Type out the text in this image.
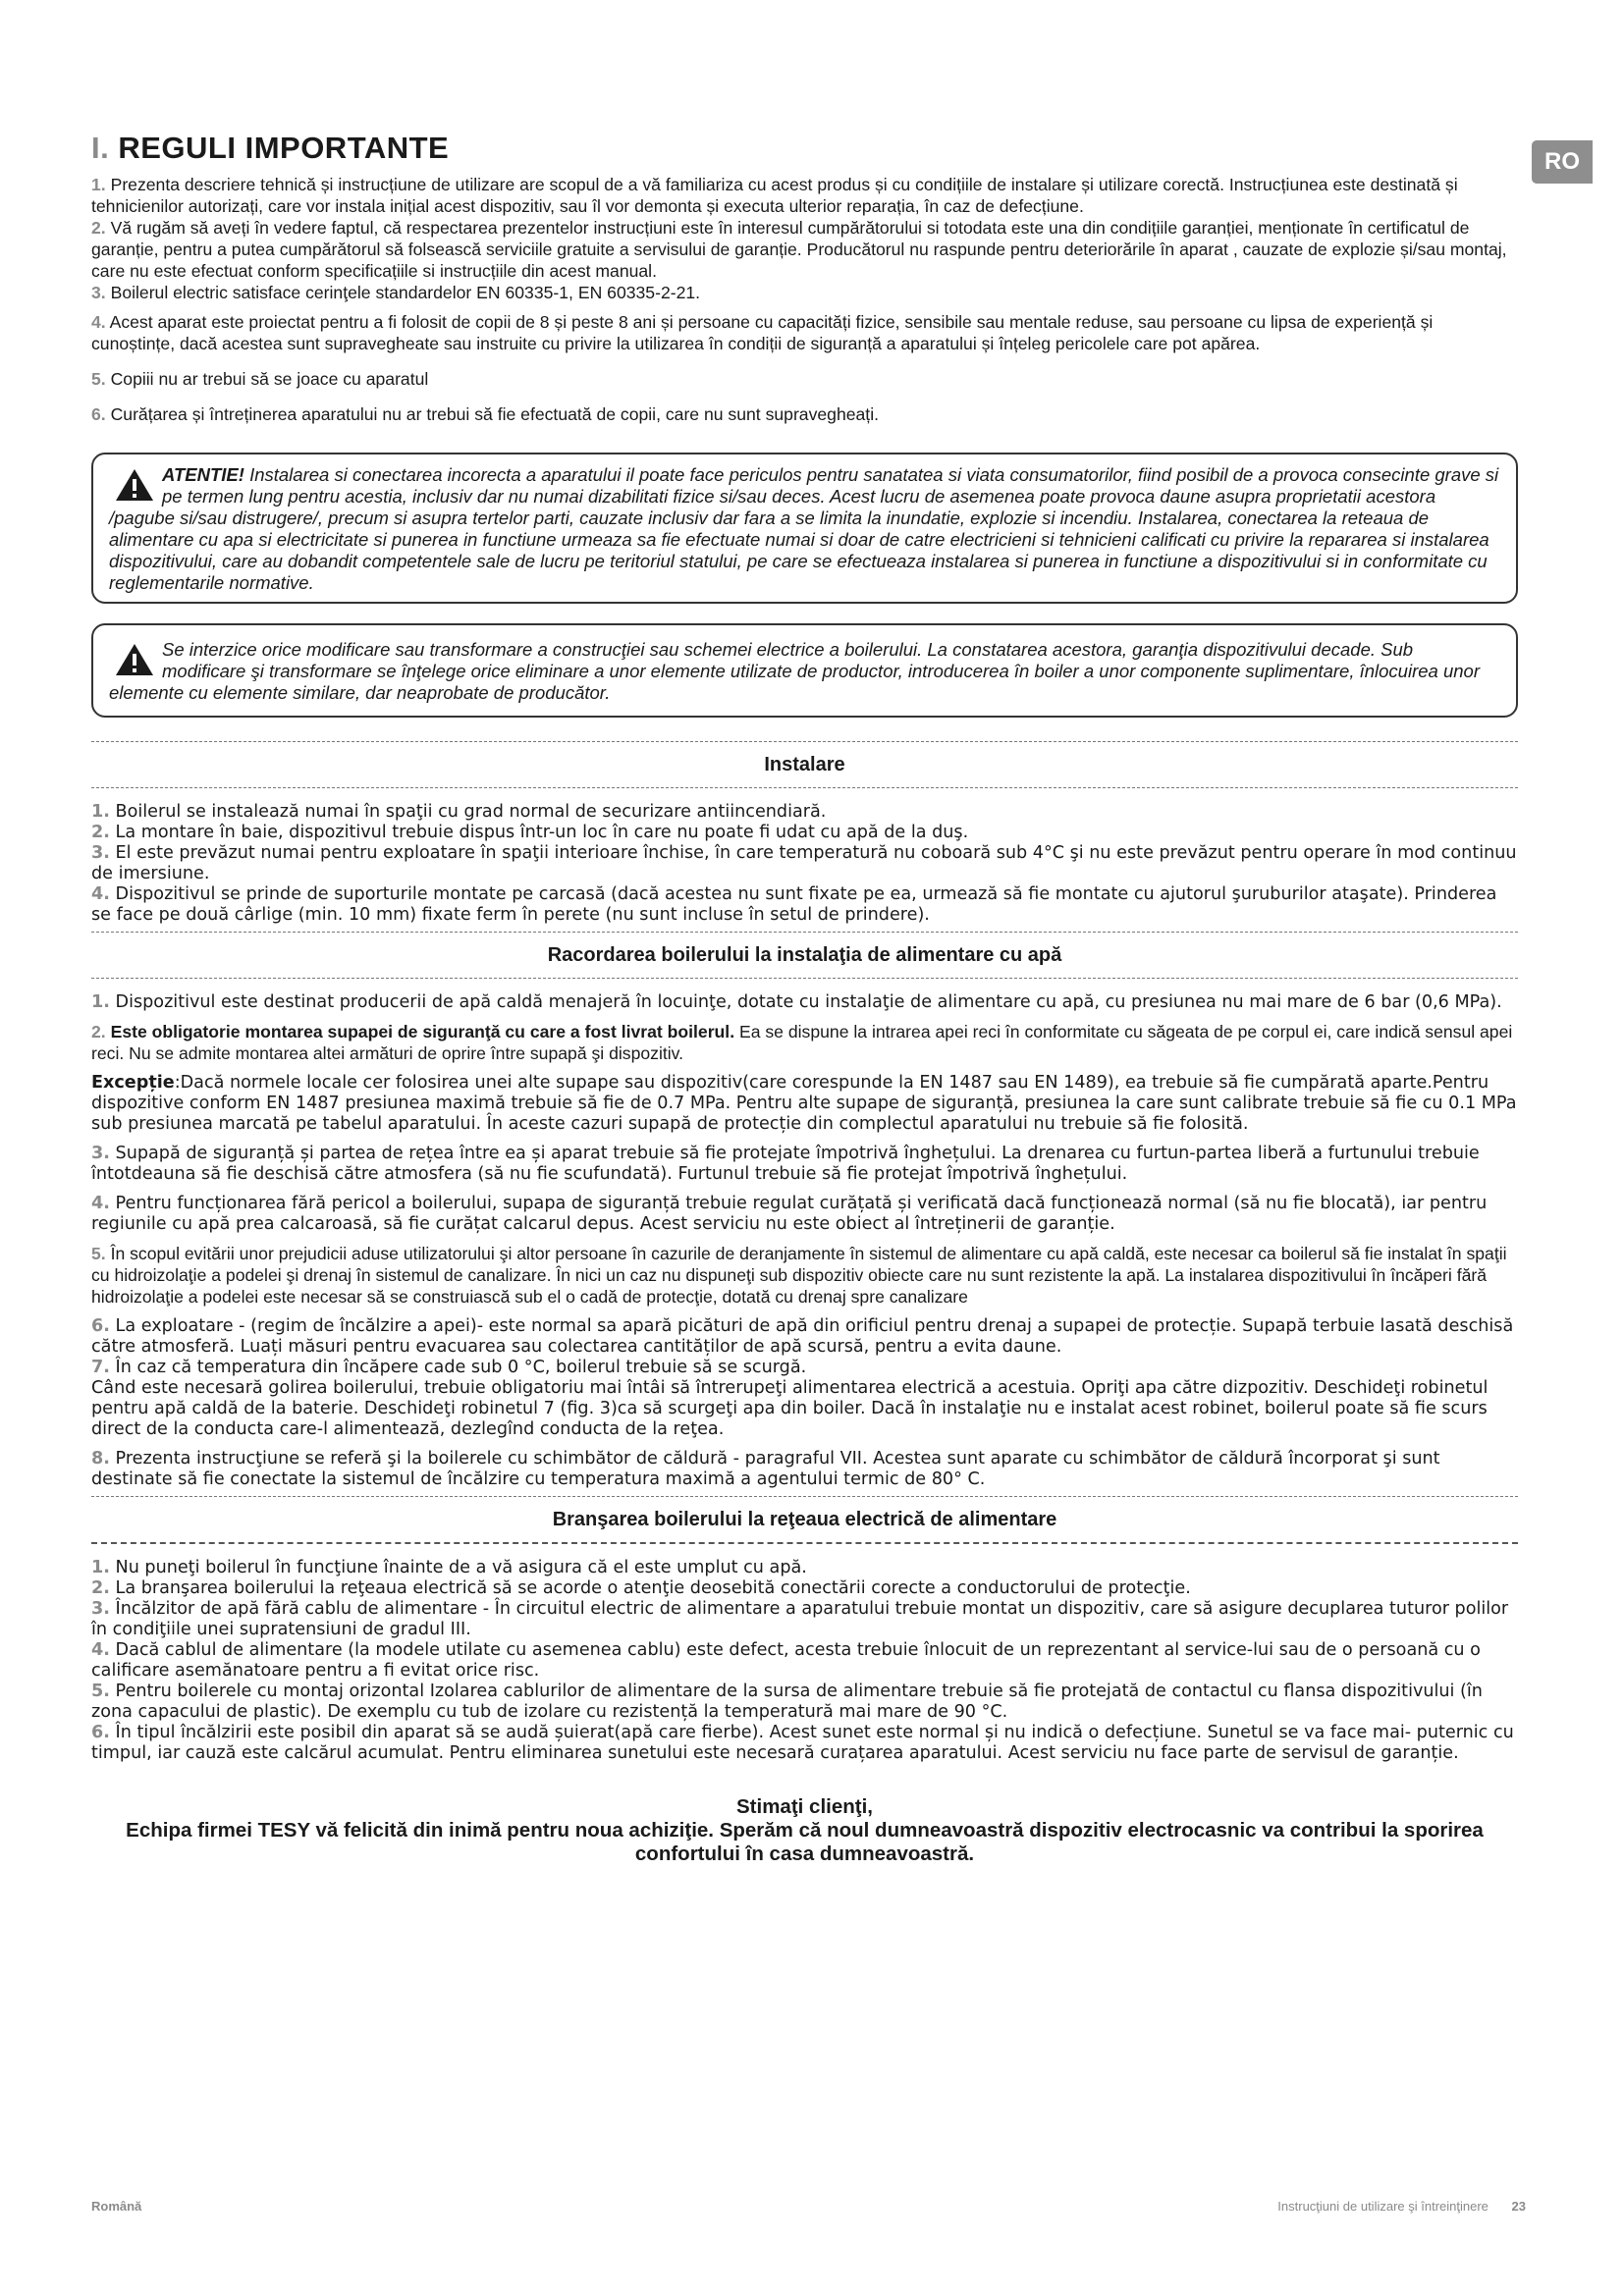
RO
I. REGULI IMPORTANTE

1. Prezenta descriere tehnică și instrucțiune de utilizare are scopul de a vă familiariza cu acest produs și cu condițiile de instalare și utilizare corectă. Instrucțiunea este destinată și tehnicienilor autorizați, care vor instala inițial acest dispozitiv, sau îl vor demonta și executa ulterior reparația, în caz de defecțiune.

2. Vă rugăm să aveți în vedere faptul, că respectarea prezentelor instrucțiuni este în interesul cumpărătorului si totodata este una din condițiile garanției, menționate în certificatul de garanție, pentru a putea cumpărătorul să folsească serviciile gratuite a servisului de garanție. Producătorul nu raspunde pentru deteriorările în aparat , cauzate de explozie și/sau montaj, care nu este efectuat conform specificațiile si instrucțiile din acest manual.

3. Boilerul electric satisface cerinţele standardelor EN 60335-1, EN 60335-2-21.

4. Acest aparat este proiectat pentru a fi folosit de copii de 8 și peste 8 ani și persoane cu capacități fizice, sensibile sau mentale reduse, sau persoane cu lipsa de experiență și cunoștințe, dacă acestea sunt supravegheate sau instruite cu privire la utilizarea în condiții de siguranță a aparatului și înțeleg pericolele care pot apărea.

5. Copiii nu ar trebui să se joace cu aparatul

6. Curățarea și întreținerea aparatului nu ar trebui să fie efectuată de copii, care nu sunt supravegheați.

ATENTIE! Instalarea si conectarea incorecta a aparatului il poate face periculos pentru sanatatea si viata consumatorilor, fiind posibil de a provoca consecinte grave si pe termen lung pentru acestia, inclusiv dar nu numai dizabilitati fizice si/sau deces. Acest lucru de asemenea poate provoca daune asupra proprietatii acestora /pagube si/sau distrugere/, precum si asupra tertelor parti, cauzate inclusiv dar fara a se limita la inundatie, explozie si incendiu. Instalarea, conectarea la reteaua de alimentare cu apa si electricitate si punerea in functiune urmeaza sa fie efectuate numai si doar de catre electricieni si tehnicieni calificati cu privire la repararea si instalarea dispozitivului, care au dobandit competentele sale de lucru pe teritoriul statului, pe care se efectueaza instalarea si punerea in functiune a dispozitivului si in conformitate cu reglementarile normative.
Se interzice orice modificare sau transformare a construcţiei sau schemei electrice a boilerului. La constatarea acestora, garanţia dispozitivului decade. Sub modificare şi transformare se înţelege orice eliminare a unor elemente utilizate de productor, introducerea în boiler a unor componente suplimentare, înlocuirea unor elemente cu elemente similare, dar neaprobate de producător.
Instalare

1. Boilerul se instalează numai în spaţii cu grad normal de securizare antiincendiară.

2. La montare în baie, dispozitivul trebuie dispus într-un loc în care nu poate fi udat cu apă de la duş.

3. El este prevăzut numai pentru exploatare în spaţii interioare închise, în care temperatură nu coboară sub 4°C şi nu este prevăzut pentru operare în mod continuu de imersiune.

4. Dispozitivul se prinde de suporturile montate pe carcasă (dacă acestea nu sunt fixate pe ea, urmează să fie montate cu ajutorul şuruburilor ataşate). Prinderea se face pe două cârlige (min. 10 mm) fixate ferm în perete (nu sunt incluse în setul de prindere).

Racordarea boilerului la instalaţia de alimentare cu apă

1. Dispozitivul este destinat producerii de apă caldă menajeră în locuinţe, dotate cu instalaţie de alimentare cu apă, cu presiunea nu mai mare de 6 bar (0,6 MPa).

2. Este obligatorie montarea supapei de siguranţă cu care a fost livrat boilerul. Ea se dispune la intrarea apei reci în conformitate cu săgeata de pe corpul ei, care indică sensul apei reci. Nu se admite montarea altei armături de oprire între supapă şi dispozitiv.

Excepție:Dacă normele locale cer folosirea unei alte supape sau dispozitiv(care corespunde la EN 1487 sau EN 1489), ea trebuie să fie cumpărată aparte.Pentru dispozitive conform EN 1487 presiunea maximă trebuie să fie de 0.7 MPa. Pentru alte supape de siguranță, presiunea la care sunt calibrate trebuie să fie cu 0.1 MPa sub presiunea marcată pe tabelul aparatului. În aceste cazuri supapă de protecție din complectul aparatului nu trebuie să fie folosită.

3. Supapă de siguranță și partea de rețea între ea și aparat trebuie să fie protejate împotrivă înghețului. La drenarea cu furtun-partea liberă a furtunului trebuie întotdeauna să fie deschisă către atmosfera (să nu fie scufundată). Furtunul trebuie să fie protejat împotrivă înghețului.

4. Pentru funcționarea fără pericol a boilerului, supapa de siguranță trebuie regulat curățată și verificată dacă funcționează normal (să nu fie blocată), iar pentru regiunile cu apă prea calcaroasă, să fie curățat calcarul depus. Acest serviciu nu este obiect al întreținerii de garanție.

5. În scopul evitării unor prejudicii aduse utilizatorului şi altor persoane în cazurile de deranjamente în sistemul de alimentare cu apă caldă, este necesar ca boilerul să fie instalat în spaţii cu hidroizolaţie a podelei şi drenaj în sistemul de canalizare. În nici un caz nu dispuneţi sub dispozitiv obiecte care nu sunt rezistente la apă. La instalarea dispozitivului în încăperi fără hidroizolaţie a podelei este necesar să se construiască sub el o cadă de protecţie, dotată cu drenaj spre canalizare

6. La exploatare - (regim de încălzire a apei)- este normal sa apară picături de apă din orificiul pentru drenaj a supapei de protecție. Supapă terbuie lasată deschisă către atmosferă. Luați măsuri pentru evacuarea sau colectarea cantităților de apă scursă, pentru a evita daune.

7. În caz că temperatura din încăpere cade sub 0 °C, boilerul trebuie să se scurgă.

Când este necesară golirea boilerului, trebuie obligatoriu mai întâi să întrerupeţi alimentarea electrică a acestuia. Opriţi apa către dizpozitiv. Deschideţi robinetul pentru apă caldă de la baterie. Deschideţi robinetul 7 (fig. 3)ca să scurgeţi apa din boiler. Dacă în instalaţie nu e instalat acest robinet, boilerul poate să fie scurs direct de la conducta care-l alimentează, dezlegînd conducta de la reţea.

8. Prezenta instrucţiune se referă şi la boilerele cu schimbător de căldură - paragraful VII. Acestea sunt aparate cu schimbător de căldură încorporat şi sunt destinate să fie conectate la sistemul de încălzire cu temperatura maximă a agentului termic de 80° C.

Branşarea boilerului la reţeaua electrică de alimentare

1. Nu puneţi boilerul în funcţiune înainte de a vă asigura că el este umplut cu apă.

2. La branşarea boilerului la reţeaua electrică să se acorde o atenţie deosebită conectării corecte a conductorului de protecţie.

3. Încălzitor de apă fără cablu de alimentare - În circuitul electric de alimentare a aparatului trebuie montat un dispozitiv, care să asigure decuplarea tuturor polilor în condiţiile unei supratensiuni de gradul III.

4. Dacă cablul de alimentare (la modele utilate cu asemenea cablu) este defect, acesta trebuie înlocuit de un reprezentant al service-lui sau de o persoană cu o calificare asemănatoare pentru a fi evitat orice risc.

5. Pentru boilerele cu montaj orizontal Izolarea cablurilor de alimentare de la sursa de alimentare trebuie să fie protejată de contactul cu flansa dispozitivului (în zona capacului de plastic). De exemplu cu tub de izolare cu rezistență la temperatură mai mare de 90 °C.

6. În tipul încălzirii este posibil din aparat să se audă șuierat(apă care fierbe). Acest sunet este normal și nu indică o defecțiune. Sunetul se va face mai- puternic cu timpul, iar cauză este calcărul acumulat. Pentru eliminarea sunetului este necesară curațarea aparatului. Acest serviciu nu face parte de servisul de garanție.

Stimaţi clienţi,
Echipa firmei TESY vă felicită din inimă pentru noua achiziţie. Sperăm că noul dumneavoastră dispozitiv electrocasnic va contribui la sporirea confortului în casa dumneavoastră.
Română	Instrucţiuni de utilizare şi întreinţinere 23
